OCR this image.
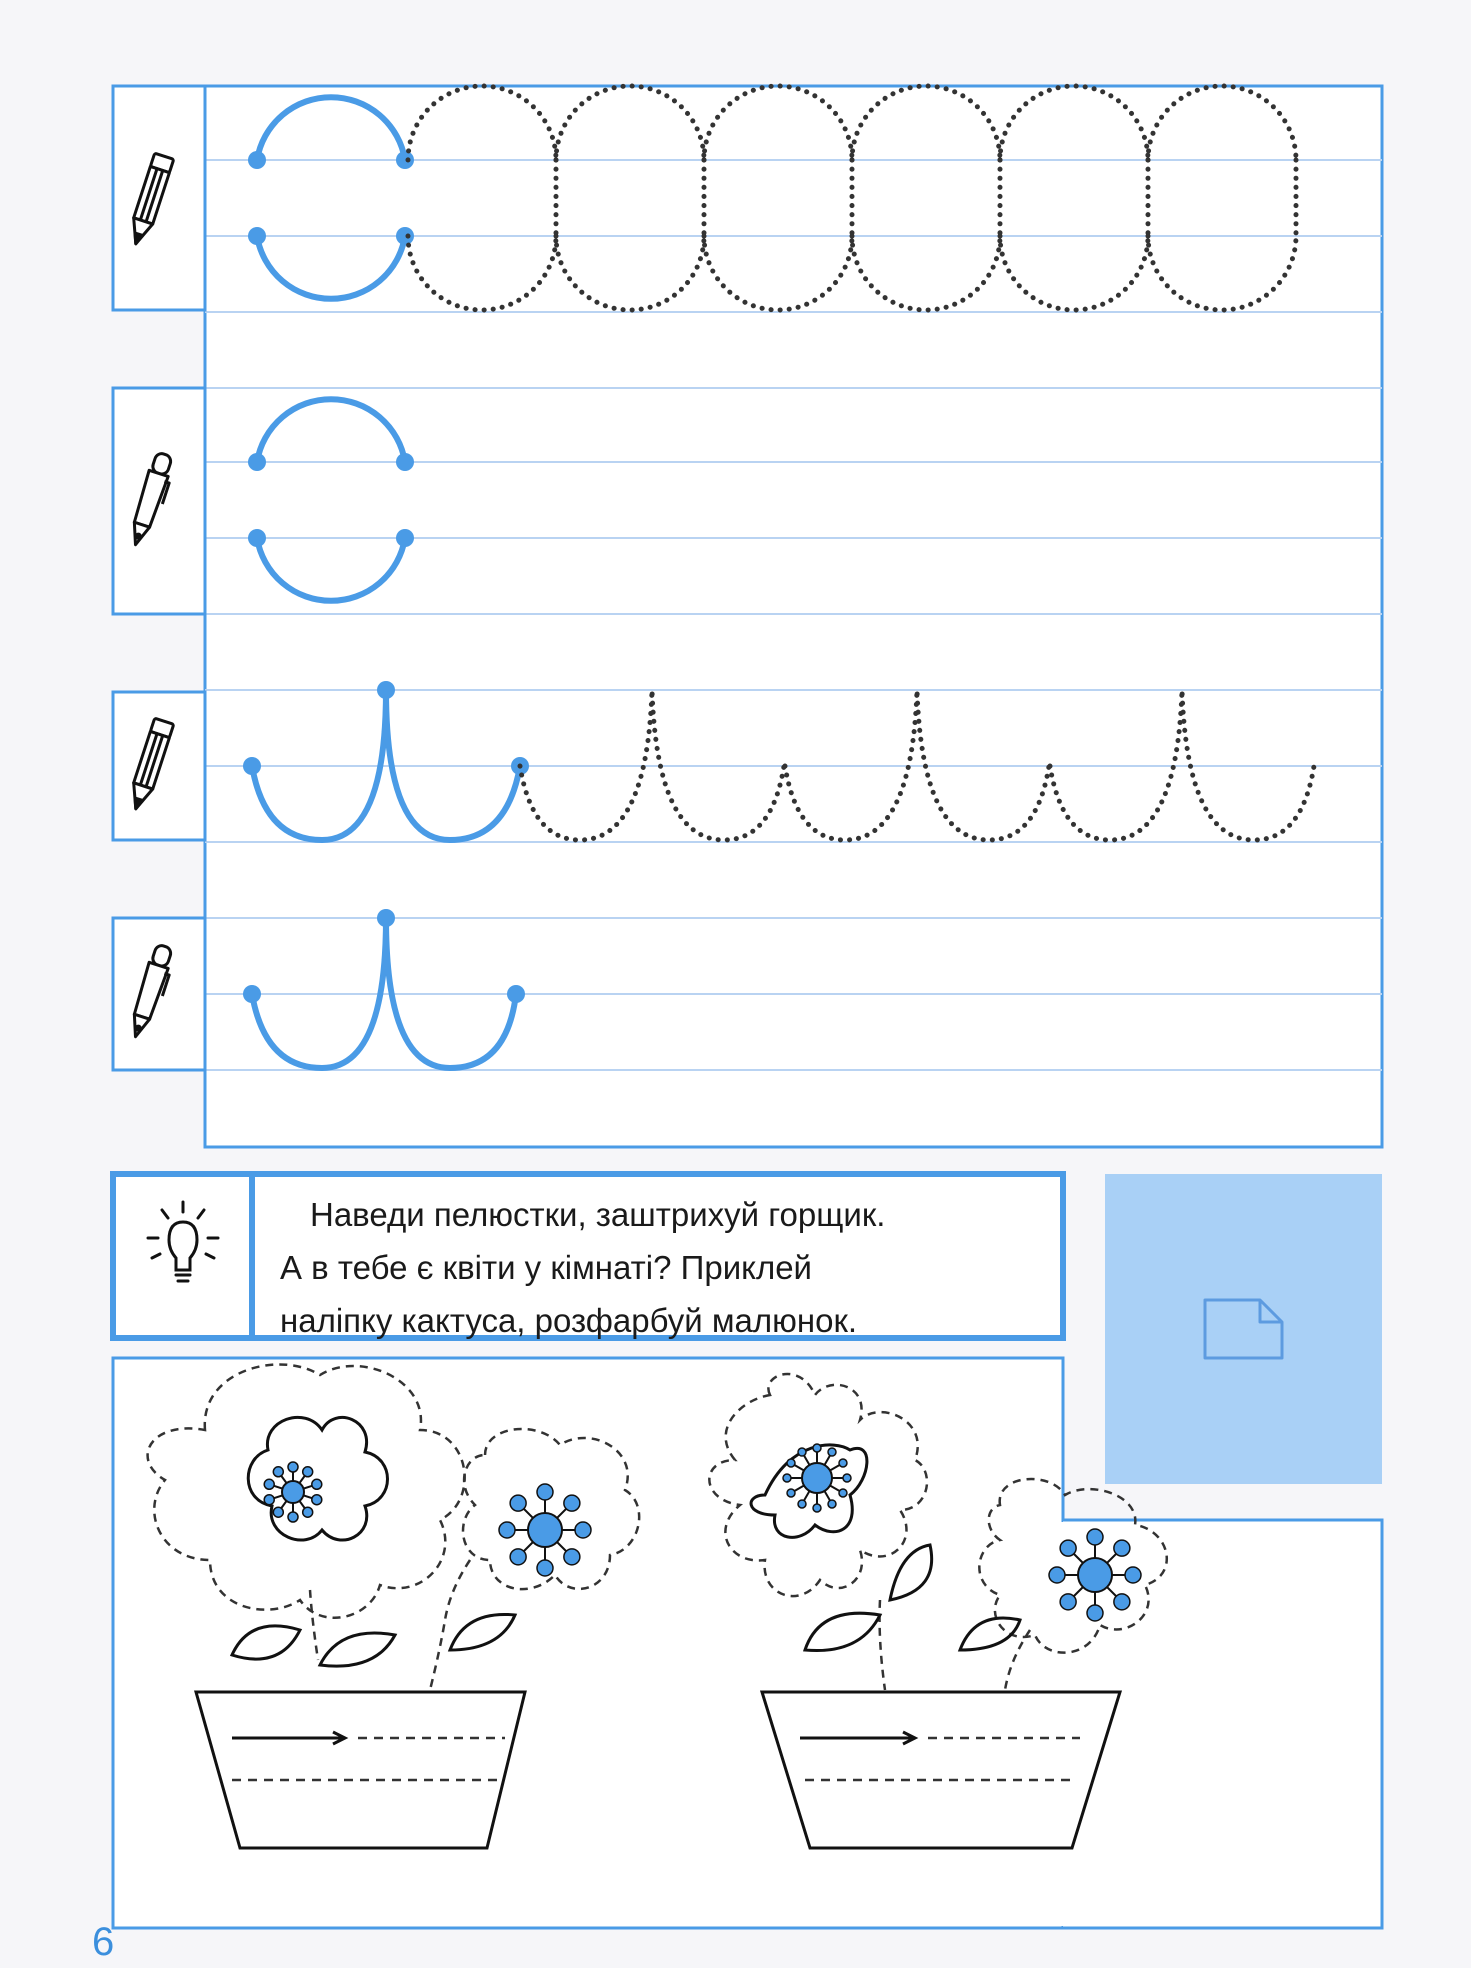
Наведи пелюстки, заштрихуй горщик.
А в тебе є квіти у кімнаті? Приклей
наліпку кактуса, розфарбуй малюнок.
6
